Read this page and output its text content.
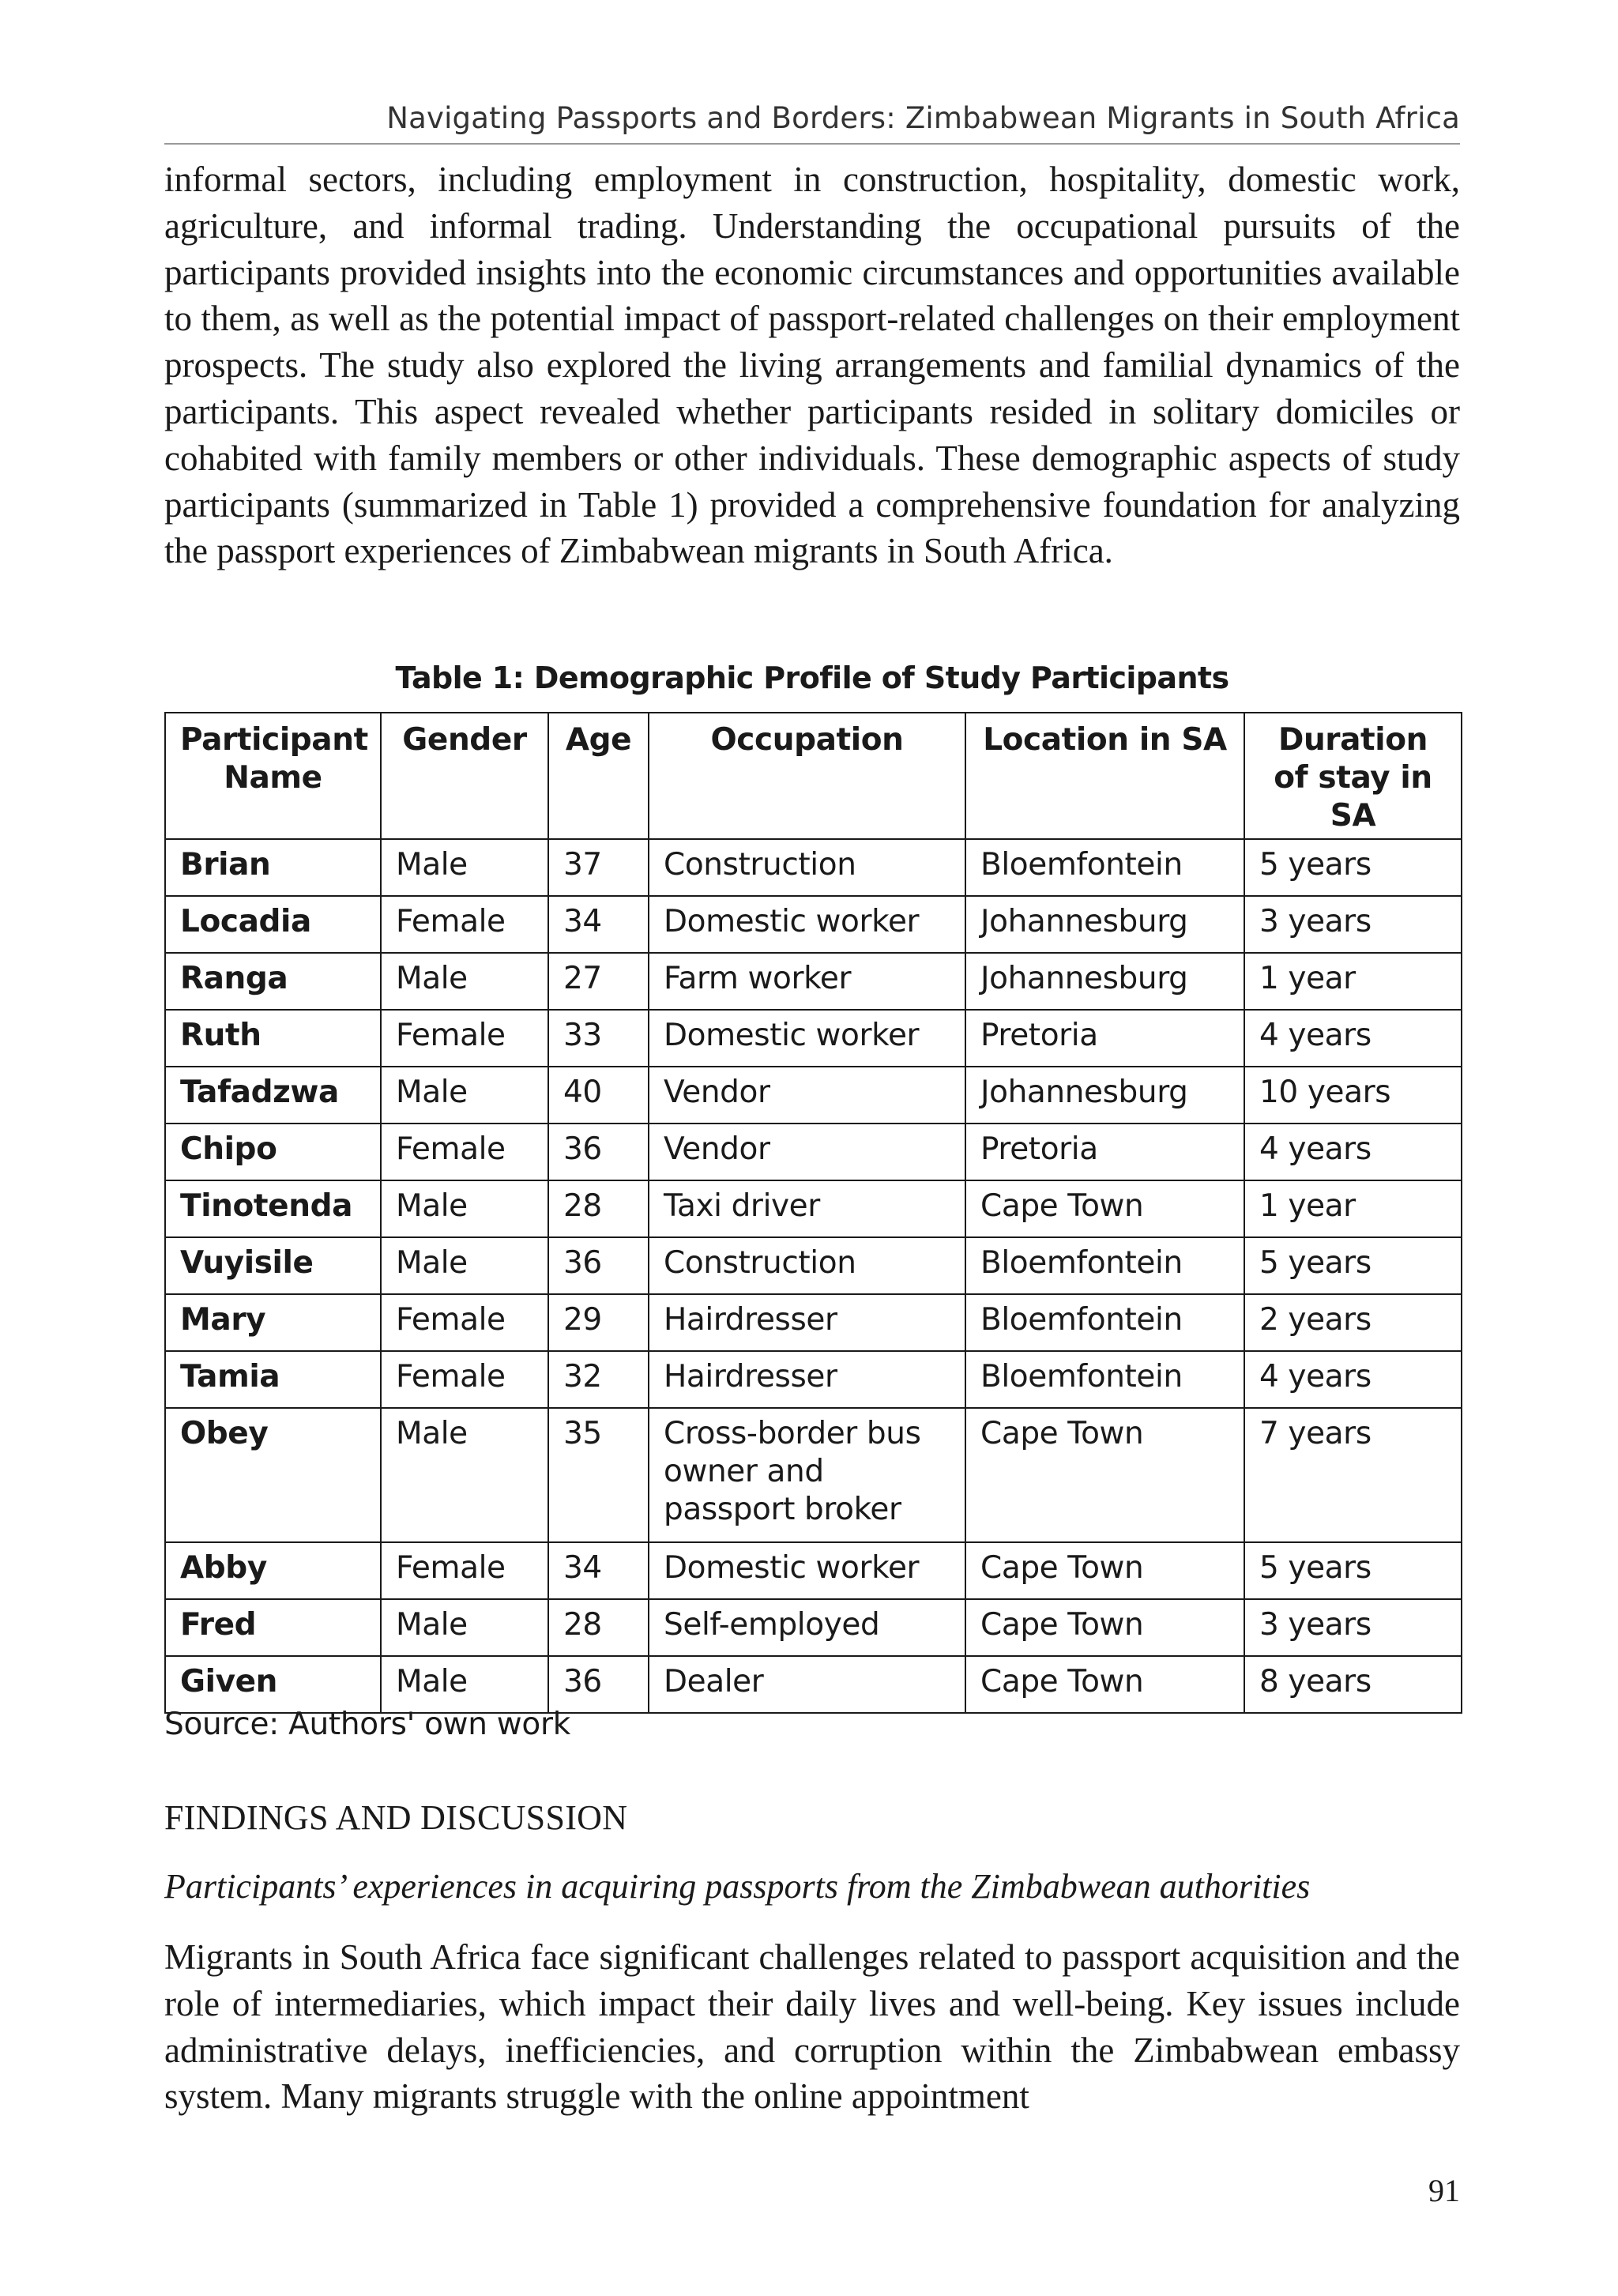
Navigating Passports and Borders: Zimbabwean Migrants in South Africa

informal sectors, including employment in construction, hospitality, domestic work, agriculture, and informal trading. Understanding the occupational pursuits of the participants provided insights into the economic circumstances and opportunities available to them, as well as the potential impact of passport-related challenges on their employment prospects. The study also explored the living arrangements and familial dynamics of the participants. This aspect revealed whether participants resided in solitary domiciles or cohabited with family members or other individuals. These demographic aspects of study participants (summarized in Table 1) provided a comprehensive foundation for analyzing the passport experiences of Zimbabwean migrants in South Africa.

Table 1: Demographic Profile of Study Participants
Participant Name	Gender	Age	Occupation	Location in SA	Duration of stay in SA
Brian	Male	37	Construction	Bloemfontein	5 years
Locadia	Female	34	Domestic worker	Johannesburg	3 years
Ranga	Male	27	Farm worker	Johannesburg	1 year
Ruth	Female	33	Domestic worker	Pretoria	4 years
Tafadzwa	Male	40	Vendor	Johannesburg	10 years
Chipo	Female	36	Vendor	Pretoria	4 years
Tinotenda	Male	28	Taxi driver	Cape Town	1 year
Vuyisile	Male	36	Construction	Bloemfontein	5 years
Mary	Female	29	Hairdresser	Bloemfontein	2 years
Tamia	Female	32	Hairdresser	Bloemfontein	4 years
Obey	Male	35	Cross-border bus owner and passport broker	Cape Town	7 years
Abby	Female	34	Domestic worker	Cape Town	5 years
Fred	Male	28	Self-employed	Cape Town	3 years
Given	Male	36	Dealer	Cape Town	8 years
Source: Authors' own work
FINDINGS AND DISCUSSION
Participants’ experiences in acquiring passports from the Zimbabwean authorities

Migrants in South Africa face significant challenges related to passport acquisition and the role of intermediaries, which impact their daily lives and well-being. Key issues include administrative delays, inefficiencies, and corruption within the Zimbabwean embassy system. Many migrants struggle with the online appointment

91
